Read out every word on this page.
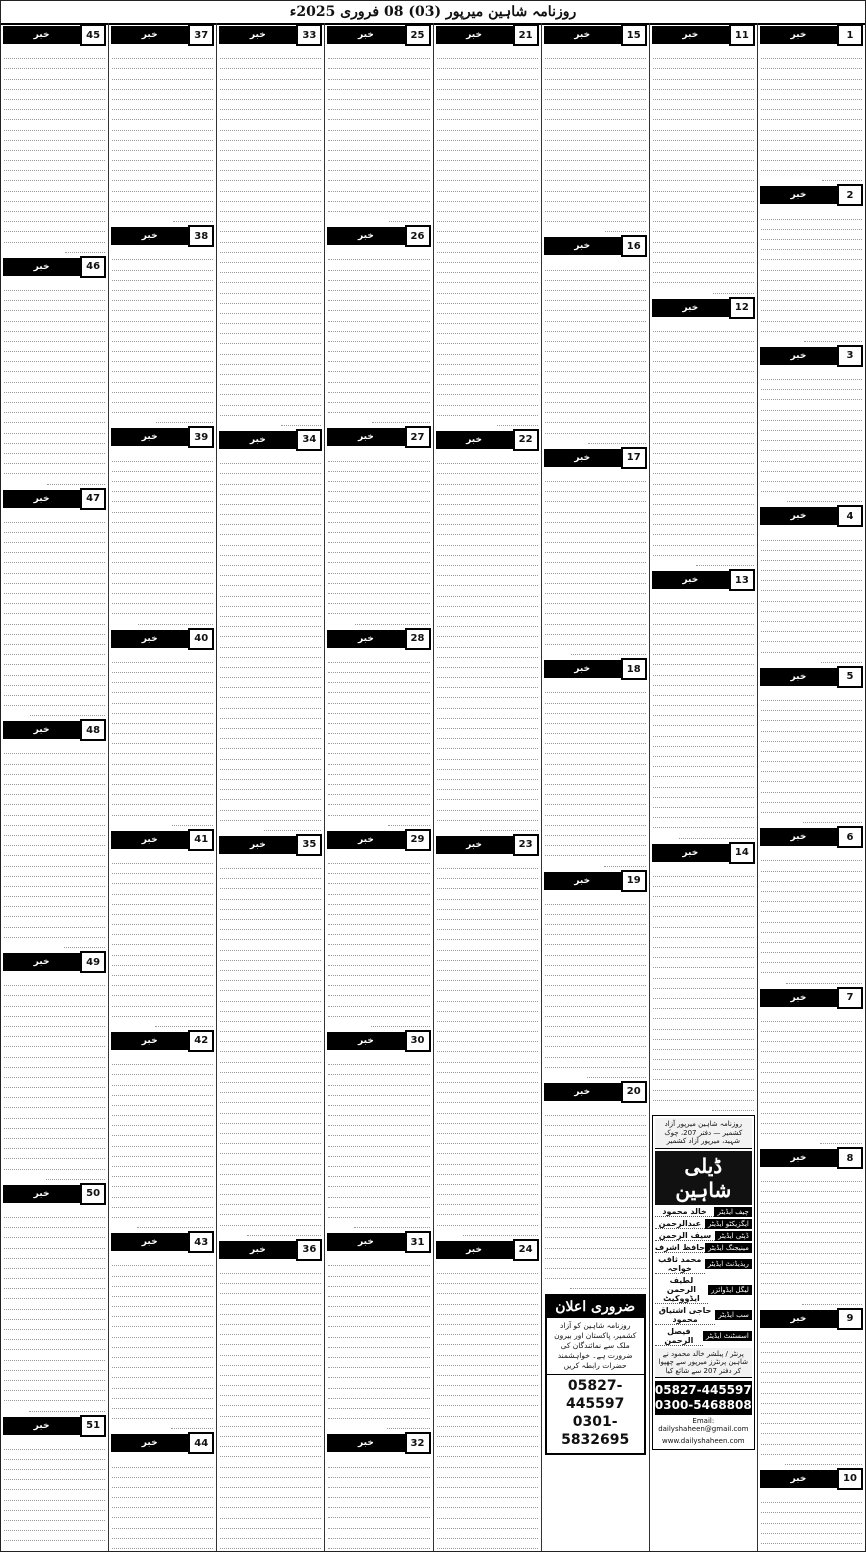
روزنامہ شاہین میرپور (03) 08 فروری 2025ء
1
خبر
2
خبر
3
خبر
4
خبر
5
خبر
6
خبر
7
خبر
8
خبر
9
خبر
10
خبر
11
خبر
12
خبر
13
خبر
14
خبر
روزنامہ شاہین میرپور آزاد کشمیر — دفتر 207، چوک شہید، میرپور آزاد کشمیر
ڈیلی شاہین
چیف ایڈیٹر
خالد محمود
ایگزیکٹو ایڈیٹر
عبدالرحمن
ڈپٹی ایڈیٹر
سیف الرحمن
مینیجنگ ایڈیٹر
حافظ اشرف
ریذیڈنٹ ایڈیٹر
محمد ثاقب خواجہ
لیگل ایڈوائزر
لطیف الرحمن ایڈووکیٹ
سب ایڈیٹر
حاجی اشتیاق محمود
اسسٹنٹ ایڈیٹر
فیصل الرحمن
پرنٹر / پبلشر خالد محمود نے شاہین پرنٹرز میرپور سے چھپوا کر دفتر 207 سے شائع کیا
05827-445597
0300-5468808
Email: dailyshaheen@gmail.com
www.dailyshaheen.com
15
خبر
16
خبر
17
خبر
18
خبر
19
خبر
20
خبر
ضروری اعلان
روزنامہ شاہین کو آزاد کشمیر، پاکستان اور بیرون ملک سے نمائندگان کی ضرورت ہے۔ خواہشمند حضرات رابطہ کریں
05827-445597
0301-5832695
21
خبر
22
خبر
23
خبر
24
خبر
25
خبر
26
خبر
27
خبر
28
خبر
29
خبر
30
خبر
31
خبر
32
خبر
33
خبر
34
خبر
35
خبر
36
خبر
37
خبر
38
خبر
39
خبر
40
خبر
41
خبر
42
خبر
43
خبر
44
خبر
45
خبر
46
خبر
47
خبر
48
خبر
49
خبر
50
خبر
51
خبر
